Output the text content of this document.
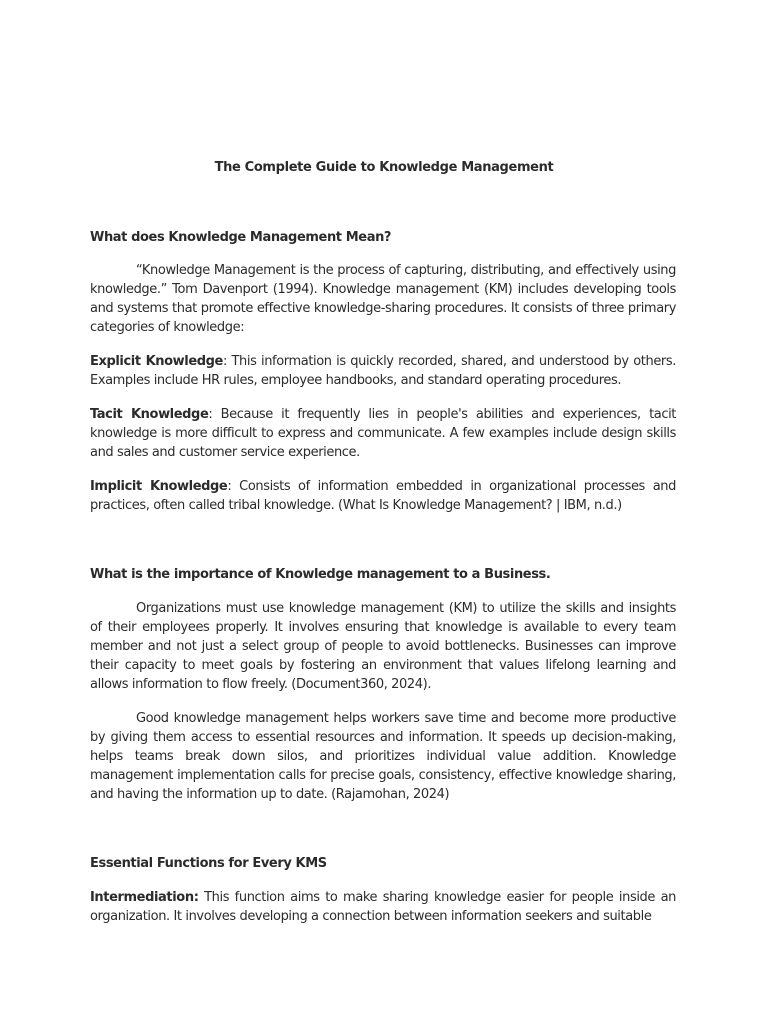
The Complete Guide to Knowledge Management

What does Knowledge Management Mean?

“Knowledge Management is the process of capturing, distributing, and effectively using knowledge.” Tom Davenport (1994). Knowledge management (KM) includes developing tools and systems that promote effective knowledge-sharing procedures. It consists of three primary categories of knowledge:

Explicit Knowledge: This information is quickly recorded, shared, and understood by others. Examples include HR rules, employee handbooks, and standard operating procedures.

Tacit Knowledge: Because it frequently lies in people's abilities and experiences, tacit knowledge is more difficult to express and communicate. A few examples include design skills and sales and customer service experience.

Implicit Knowledge: Consists of information embedded in organizational processes and practices, often called tribal knowledge. (What Is Knowledge Management? | IBM, n.d.)

What is the importance of Knowledge management to a Business.

Organizations must use knowledge management (KM) to utilize the skills and insights of their employees properly. It involves ensuring that knowledge is available to every team member and not just a select group of people to avoid bottlenecks. Businesses can improve their capacity to meet goals by fostering an environment that values lifelong learning and allows information to flow freely. (Document360, 2024).

Good knowledge management helps workers save time and become more productive by giving them access to essential resources and information. It speeds up decision-making, helps teams break down silos, and prioritizes individual value addition. Knowledge management implementation calls for precise goals, consistency, effective knowledge sharing, and having the information up to date. (Rajamohan, 2024)

Essential Functions for Every KMS

Intermediation: This function aims to make sharing knowledge easier for people inside an organization. It involves developing a connection between information seekers and suitable
